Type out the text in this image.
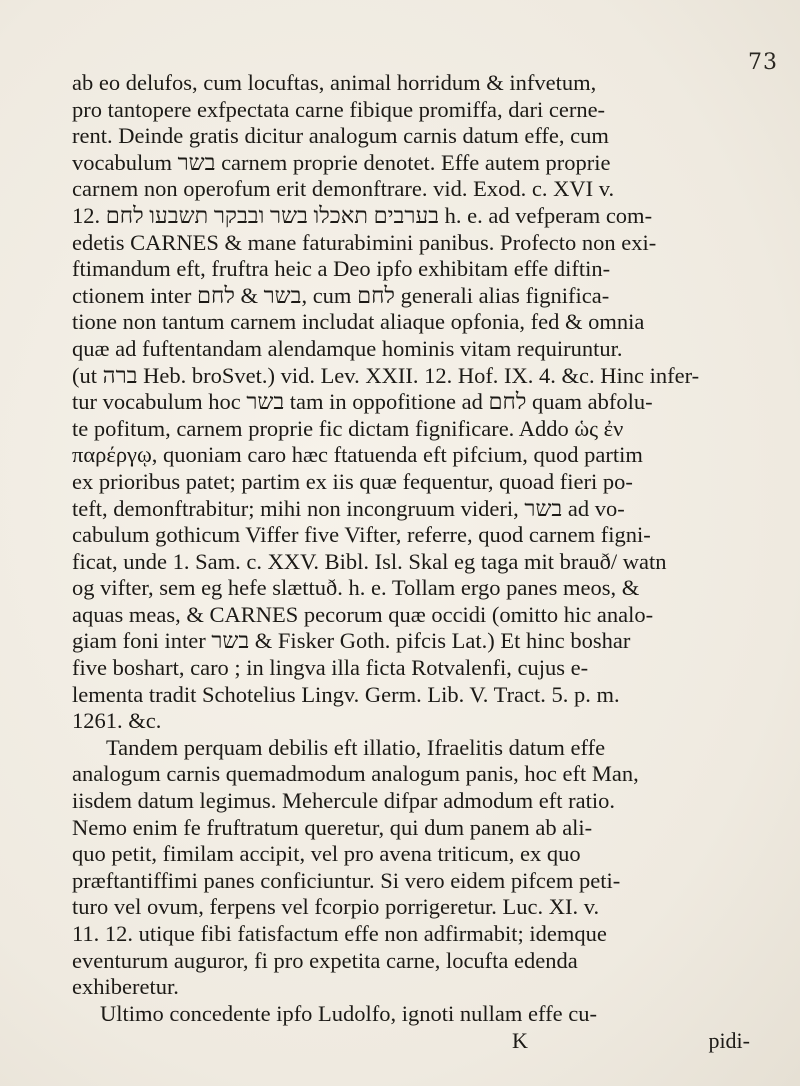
73
ab eo delufos, cum locuftas, animal horridum & infvetum,
pro tantopere exfpectata carne fibique promiffa, dari cerne-
rent. Deinde gratis dicitur analogum carnis datum effe, cum
vocabulum בשר carnem proprie denotet. Effe autem proprie
carnem non operofum erit demonftrare. vid. Exod. c. XVI v.
12. בערבים תאכלו בשר ובבקר תשבעו לחם h. e. ad vefperam com-
edetis CARNES & mane faturabimini panibus. Profecto non exi-
ftimandum eft, fruftra heic a Deo ipfo exhibitam effe diftin-
ctionem inter בשר & לחם, cum לחם generali alias fignifica-
tione non tantum carnem includat aliaque opfonia, fed & omnia
quæ ad fuftentandam alendamque hominis vitam requiruntur.
(ut ברה Heb. broSvet.) vid. Lev. XXII. 12. Hof. IX. 4. &c. Hinc infer-
tur vocabulum hoc בשר tam in oppofitione ad לחם quam abfolu-
te pofitum, carnem proprie fic dictam fignificare. Addo ὡς ἐν
παρέργῳ, quoniam caro hæc ftatuenda eft pifcium, quod partim
ex prioribus patet; partim ex iis quæ fequentur, quoad fieri po-
teft, demonftrabitur; mihi non incongruum videri, בשר ad vo-
cabulum gothicum Viffer five Vifter, referre, quod carnem figni-
ficat, unde 1. Sam. c. XXV. Bibl. Isl. Skal eg taga mit brauð/ watn
og vifter, sem eg hefe slættuð. h. e. Tollam ergo panes meos, &
aquas meas, & CARNES pecorum quæ occidi (omitto hic analo-
giam foni inter בשר & Fisker Goth. pifcis Lat.) Et hinc boshar
five boshart, caro ; in lingva illa ficta Rotvalenfi, cujus e-
lementa tradit Schotelius Lingv. Germ. Lib. V. Tract. 5. p. m.
1261. &c.
Tandem perquam debilis eft illatio, Ifraelitis datum effe
analogum carnis quemadmodum analogum panis, hoc eft Man,
iisdem datum legimus. Mehercule difpar admodum eft ratio.
Nemo enim fe fruftratum queretur, qui dum panem ab ali-
quo petit, fimilam accipit, vel pro avena triticum, ex quo
præftantiffimi panes conficiuntur. Si vero eidem pifcem peti-
turo vel ovum, ferpens vel fcorpio porrigeretur. Luc. XI. v.
11. 12. utique fibi fatisfactum effe non adfirmabit; idemque
eventurum auguror, fi pro expetita carne, locufta edenda
exhiberetur.
Ultimo concedente ipfo Ludolfo, ignoti nullam effe cu-
K	pidi-
